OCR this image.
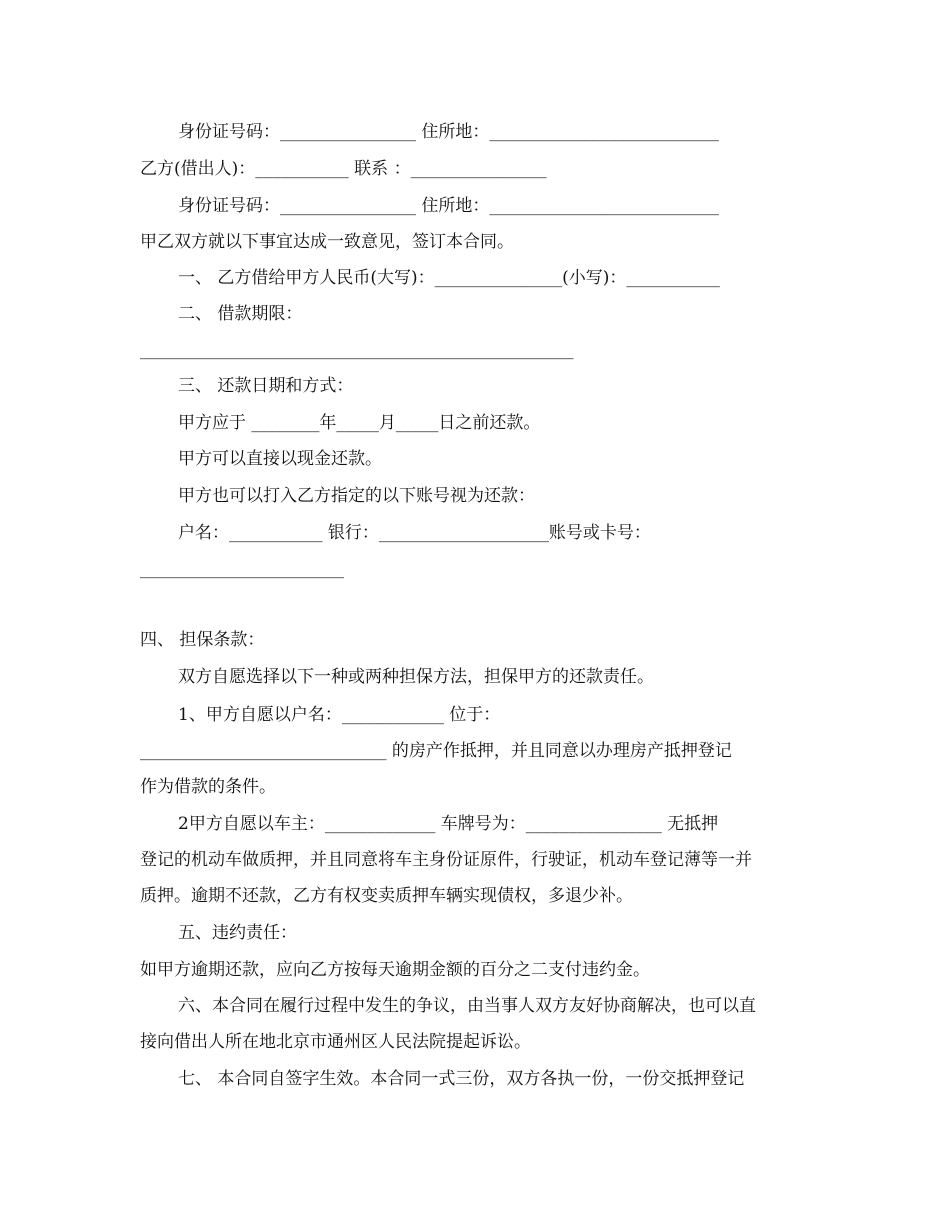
身份证号码：________________ 住所地：___________________________
乙方(借出人)：___________ 联系 ：________________
身份证号码：________________ 住所地：___________________________
甲乙双方就以下事宜达成一致意见，签订本合同。
一、 乙方借给甲方人民币(大写)：_______________(小写)：___________
二、 借款期限：
___________________________________________________
三、 还款日期和方式：
甲方应于 ________年_____月_____日之前还款。
甲方可以直接以现金还款。
甲方也可以打入乙方指定的以下账号视为还款：
户名：___________ 银行：____________________账号或卡号：
________________________
四、 担保条款：
双方自愿选择以下一种或两种担保方法，担保甲方的还款责任。
1、甲方自愿以户名：____________ 位于：
_____________________________ 的房产作抵押，并且同意以办理房产抵押登记
作为借款的条件。
2甲方自愿以车主：_____________ 车牌号为：________________ 无抵押
登记的机动车做质押，并且同意将车主身份证原件，行驶证，机动车登记薄等一并
质押。逾期不还款，乙方有权变卖质押车辆实现债权，多退少补。
五、违约责任：
如甲方逾期还款，应向乙方按每天逾期金额的百分之二支付违约金。
六、本合同在履行过程中发生的争议，由当事人双方友好协商解决，也可以直
接向借出人所在地北京市通州区人民法院提起诉讼。
七、 本合同自签字生效。本合同一式三份，双方各执一份，一份交抵押登记
